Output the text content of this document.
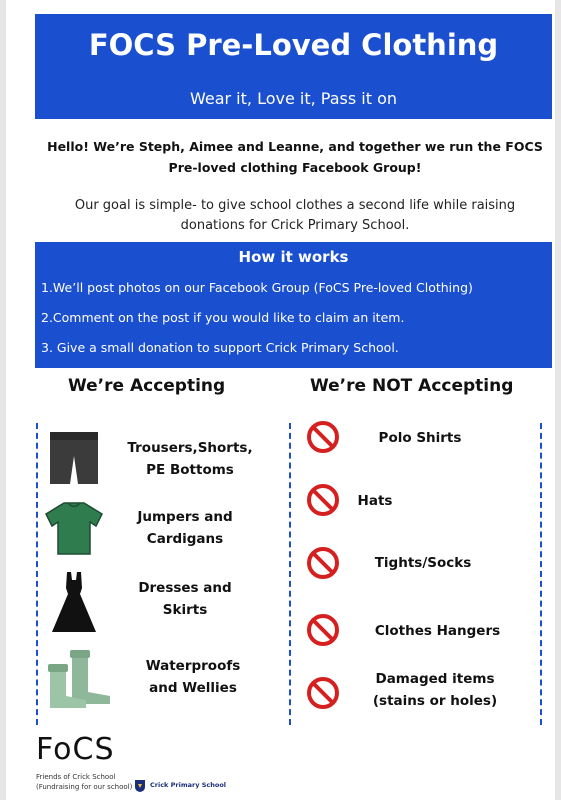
FOCS Pre-Loved Clothing
Wear it, Love it, Pass it on
Hello! We’re Steph, Aimee and Leanne, and together we run the FOCS
Pre-loved clothing Facebook Group!
Our goal is simple- to give school clothes a second life while raising
donations for Crick Primary School.
How it works
1.We’ll post photos on our Facebook Group (FoCS Pre-loved Clothing)
2.Comment on the post if you would like to claim an item.
3. Give a small donation to support Crick Primary School.
We’re Accepting	We’re NOT Accepting
Trousers,Shorts,
PE Bottoms
Jumpers and
Cardigans
Dresses and
Skirts
Waterproofs
and Wellies
Polo Shirts
Hats
Tights/Socks
Clothes Hangers
Damaged items
(stains or holes)
FoCS
Friends of Crick School
(Fundraising for our school)	Crick Primary School
